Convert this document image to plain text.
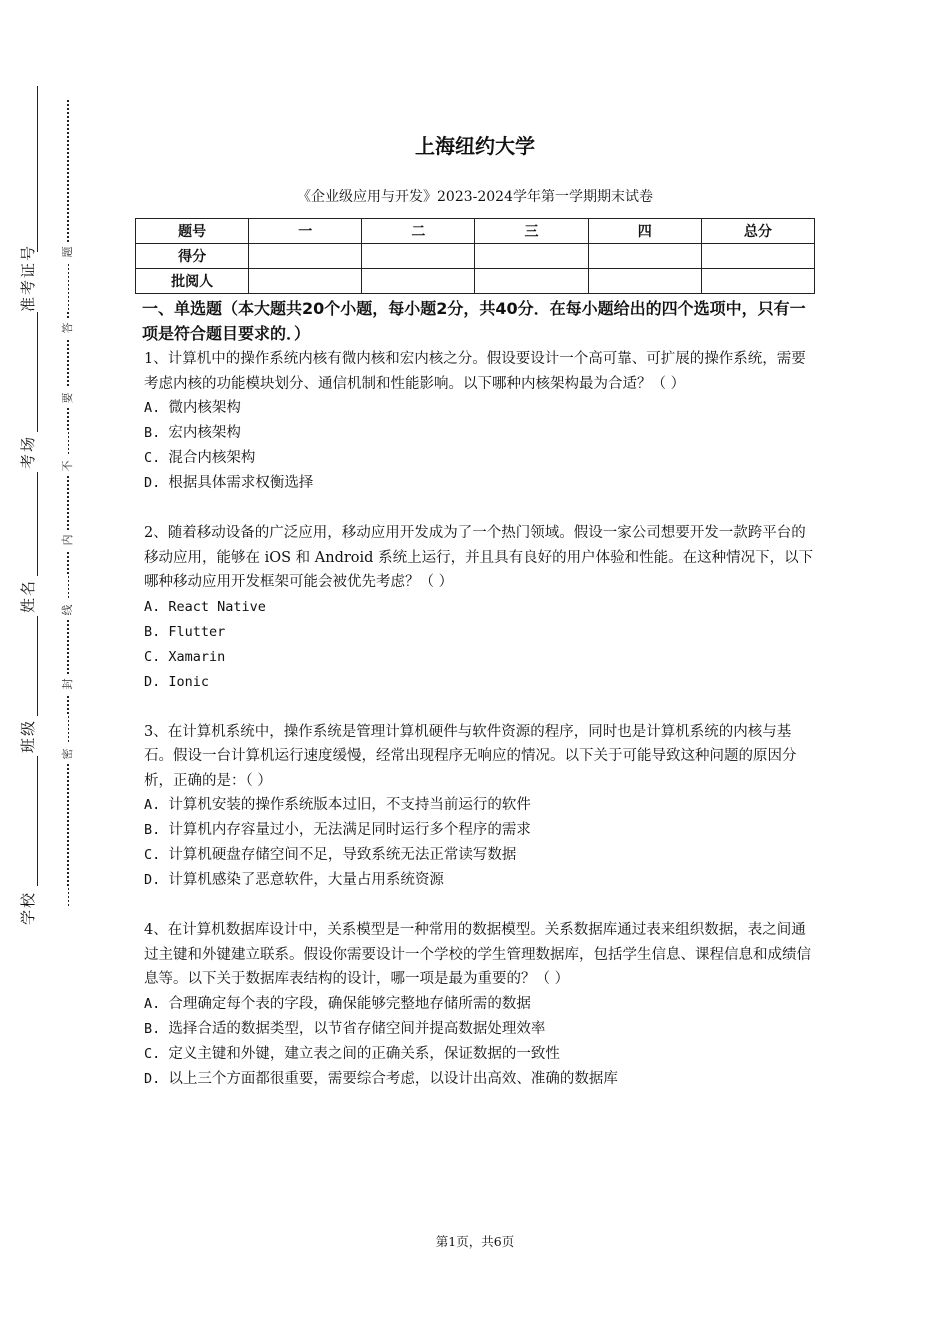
准考证号
考场
姓名
班级
学校
题
答
要
不
内
线
封
密
上海纽约大学
《企业级应用与开发》2023-2024学年第一学期期末试卷
题号	一	二	三	四	总分
得分					
批阅人					
一、单选题（本大题共20个小题，每小题2分，共40分．在每小题给出的四个选项中，只有一项是符合题目要求的．）

1、计算机中的操作系统内核有微内核和宏内核之分。假设要设计一个高可靠、可扩展的操作系统，需要考虑内核的功能模块划分、通信机制和性能影响。以下哪种内核架构最为合适？（ ）

A. 微内核架构

B. 宏内核架构

C. 混合内核架构

D. 根据具体需求权衡选择

2、随着移动设备的广泛应用，移动应用开发成为了一个热门领域。假设一家公司想要开发一款跨平台的移动应用，能够在 iOS 和 Android 系统上运行，并且具有良好的用户体验和性能。在这种情况下，以下哪种移动应用开发框架可能会被优先考虑？（ ）

A. React Native

B. Flutter

C. Xamarin

D. Ionic

3、在计算机系统中，操作系统是管理计算机硬件与软件资源的程序，同时也是计算机系统的内核与基石。假设一台计算机运行速度缓慢，经常出现程序无响应的情况。以下关于可能导致这种问题的原因分析，正确的是：（ ）

A. 计算机安装的操作系统版本过旧，不支持当前运行的软件

B. 计算机内存容量过小，无法满足同时运行多个程序的需求

C. 计算机硬盘存储空间不足，导致系统无法正常读写数据

D. 计算机感染了恶意软件，大量占用系统资源

4、在计算机数据库设计中，关系模型是一种常用的数据模型。关系数据库通过表来组织数据，表之间通过主键和外键建立联系。假设你需要设计一个学校的学生管理数据库，包括学生信息、课程信息和成绩信息等。以下关于数据库表结构的设计，哪一项是最为重要的？（ ）

A. 合理确定每个表的字段，确保能够完整地存储所需的数据

B. 选择合适的数据类型，以节省存储空间并提高数据处理效率

C. 定义主键和外键，建立表之间的正确关系，保证数据的一致性

D. 以上三个方面都很重要，需要综合考虑，以设计出高效、准确的数据库

第1页，共6页
